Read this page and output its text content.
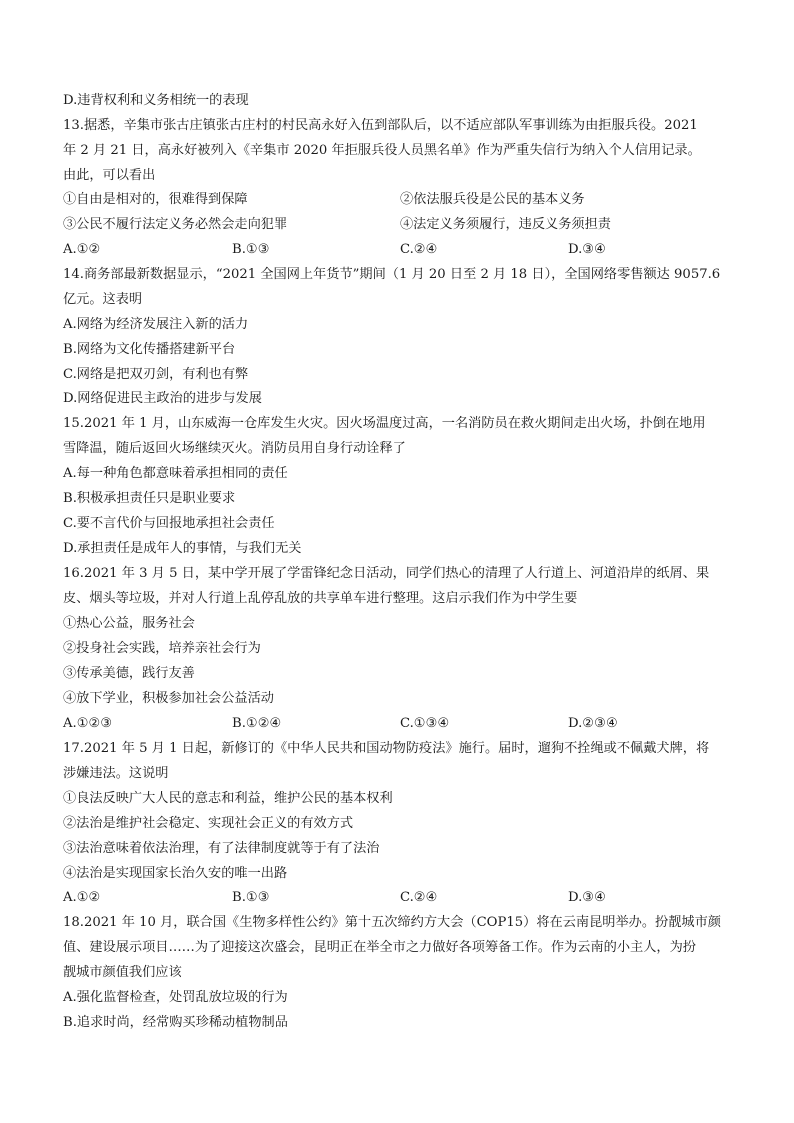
D.违背权利和义务相统一的表现
13.据悉，辛集市张古庄镇张古庄村的村民高永好入伍到部队后，以不适应部队军事训练为由拒服兵役。2021
年 2 月 21 日，高永好被列入《辛集市 2020 年拒服兵役人员黑名单》作为严重失信行为纳入个人信用记录。
由此，可以看出
①自由是相对的，很难得到保障	②依法服兵役是公民的基本义务
③公民不履行法定义务必然会走向犯罪	④法定义务须履行，违反义务须担责
A.①②	B.①③	C.②④	D.③④
14.商务部最新数据显示，“2021 全国网上年货节”期间（1 月 20 日至 2 月 18 日），全国网络零售额达 9057.6
亿元。这表明
A.网络为经济发展注入新的活力
B.网络为文化传播搭建新平台
C.网络是把双刃剑，有利也有弊
D.网络促进民主政治的进步与发展
15.2021 年 1 月，山东威海一仓库发生火灾。因火场温度过高，一名消防员在救火期间走出火场，扑倒在地用
雪降温，随后返回火场继续灭火。消防员用自身行动诠释了
A.每一种角色都意味着承担相同的责任
B.积极承担责任只是职业要求
C.要不言代价与回报地承担社会责任
D.承担责任是成年人的事情，与我们无关
16.2021 年 3 月 5 日，某中学开展了学雷锋纪念日活动，同学们热心的清理了人行道上、河道沿岸的纸屑、果
皮、烟头等垃圾，并对人行道上乱停乱放的共享单车进行整理。这启示我们作为中学生要
①热心公益，服务社会
②投身社会实践，培养亲社会行为
③传承美德，践行友善
④放下学业，积极参加社会公益活动
A.①②③	B.①②④	C.①③④	D.②③④
17.2021 年 5 月 1 日起，新修订的《中华人民共和国动物防疫法》施行。届时，遛狗不拴绳或不佩戴犬牌，将
涉嫌违法。这说明
①良法反映广大人民的意志和利益，维护公民的基本权利
②法治是维护社会稳定、实现社会正义的有效方式
③法治意味着依法治理，有了法律制度就等于有了法治
④法治是实现国家长治久安的唯一出路
A.①②	B.①③	C.②④	D.③④
18.2021 年 10 月，联合国《生物多样性公约》第十五次缔约方大会（COP15）将在云南昆明举办。扮靓城市颜
值、建设展示项目……为了迎接这次盛会，昆明正在举全市之力做好各项筹备工作。作为云南的小主人，为扮
靓城市颜值我们应该
A.强化监督检查，处罚乱放垃圾的行为
B.追求时尚，经常购买珍稀动植物制品
